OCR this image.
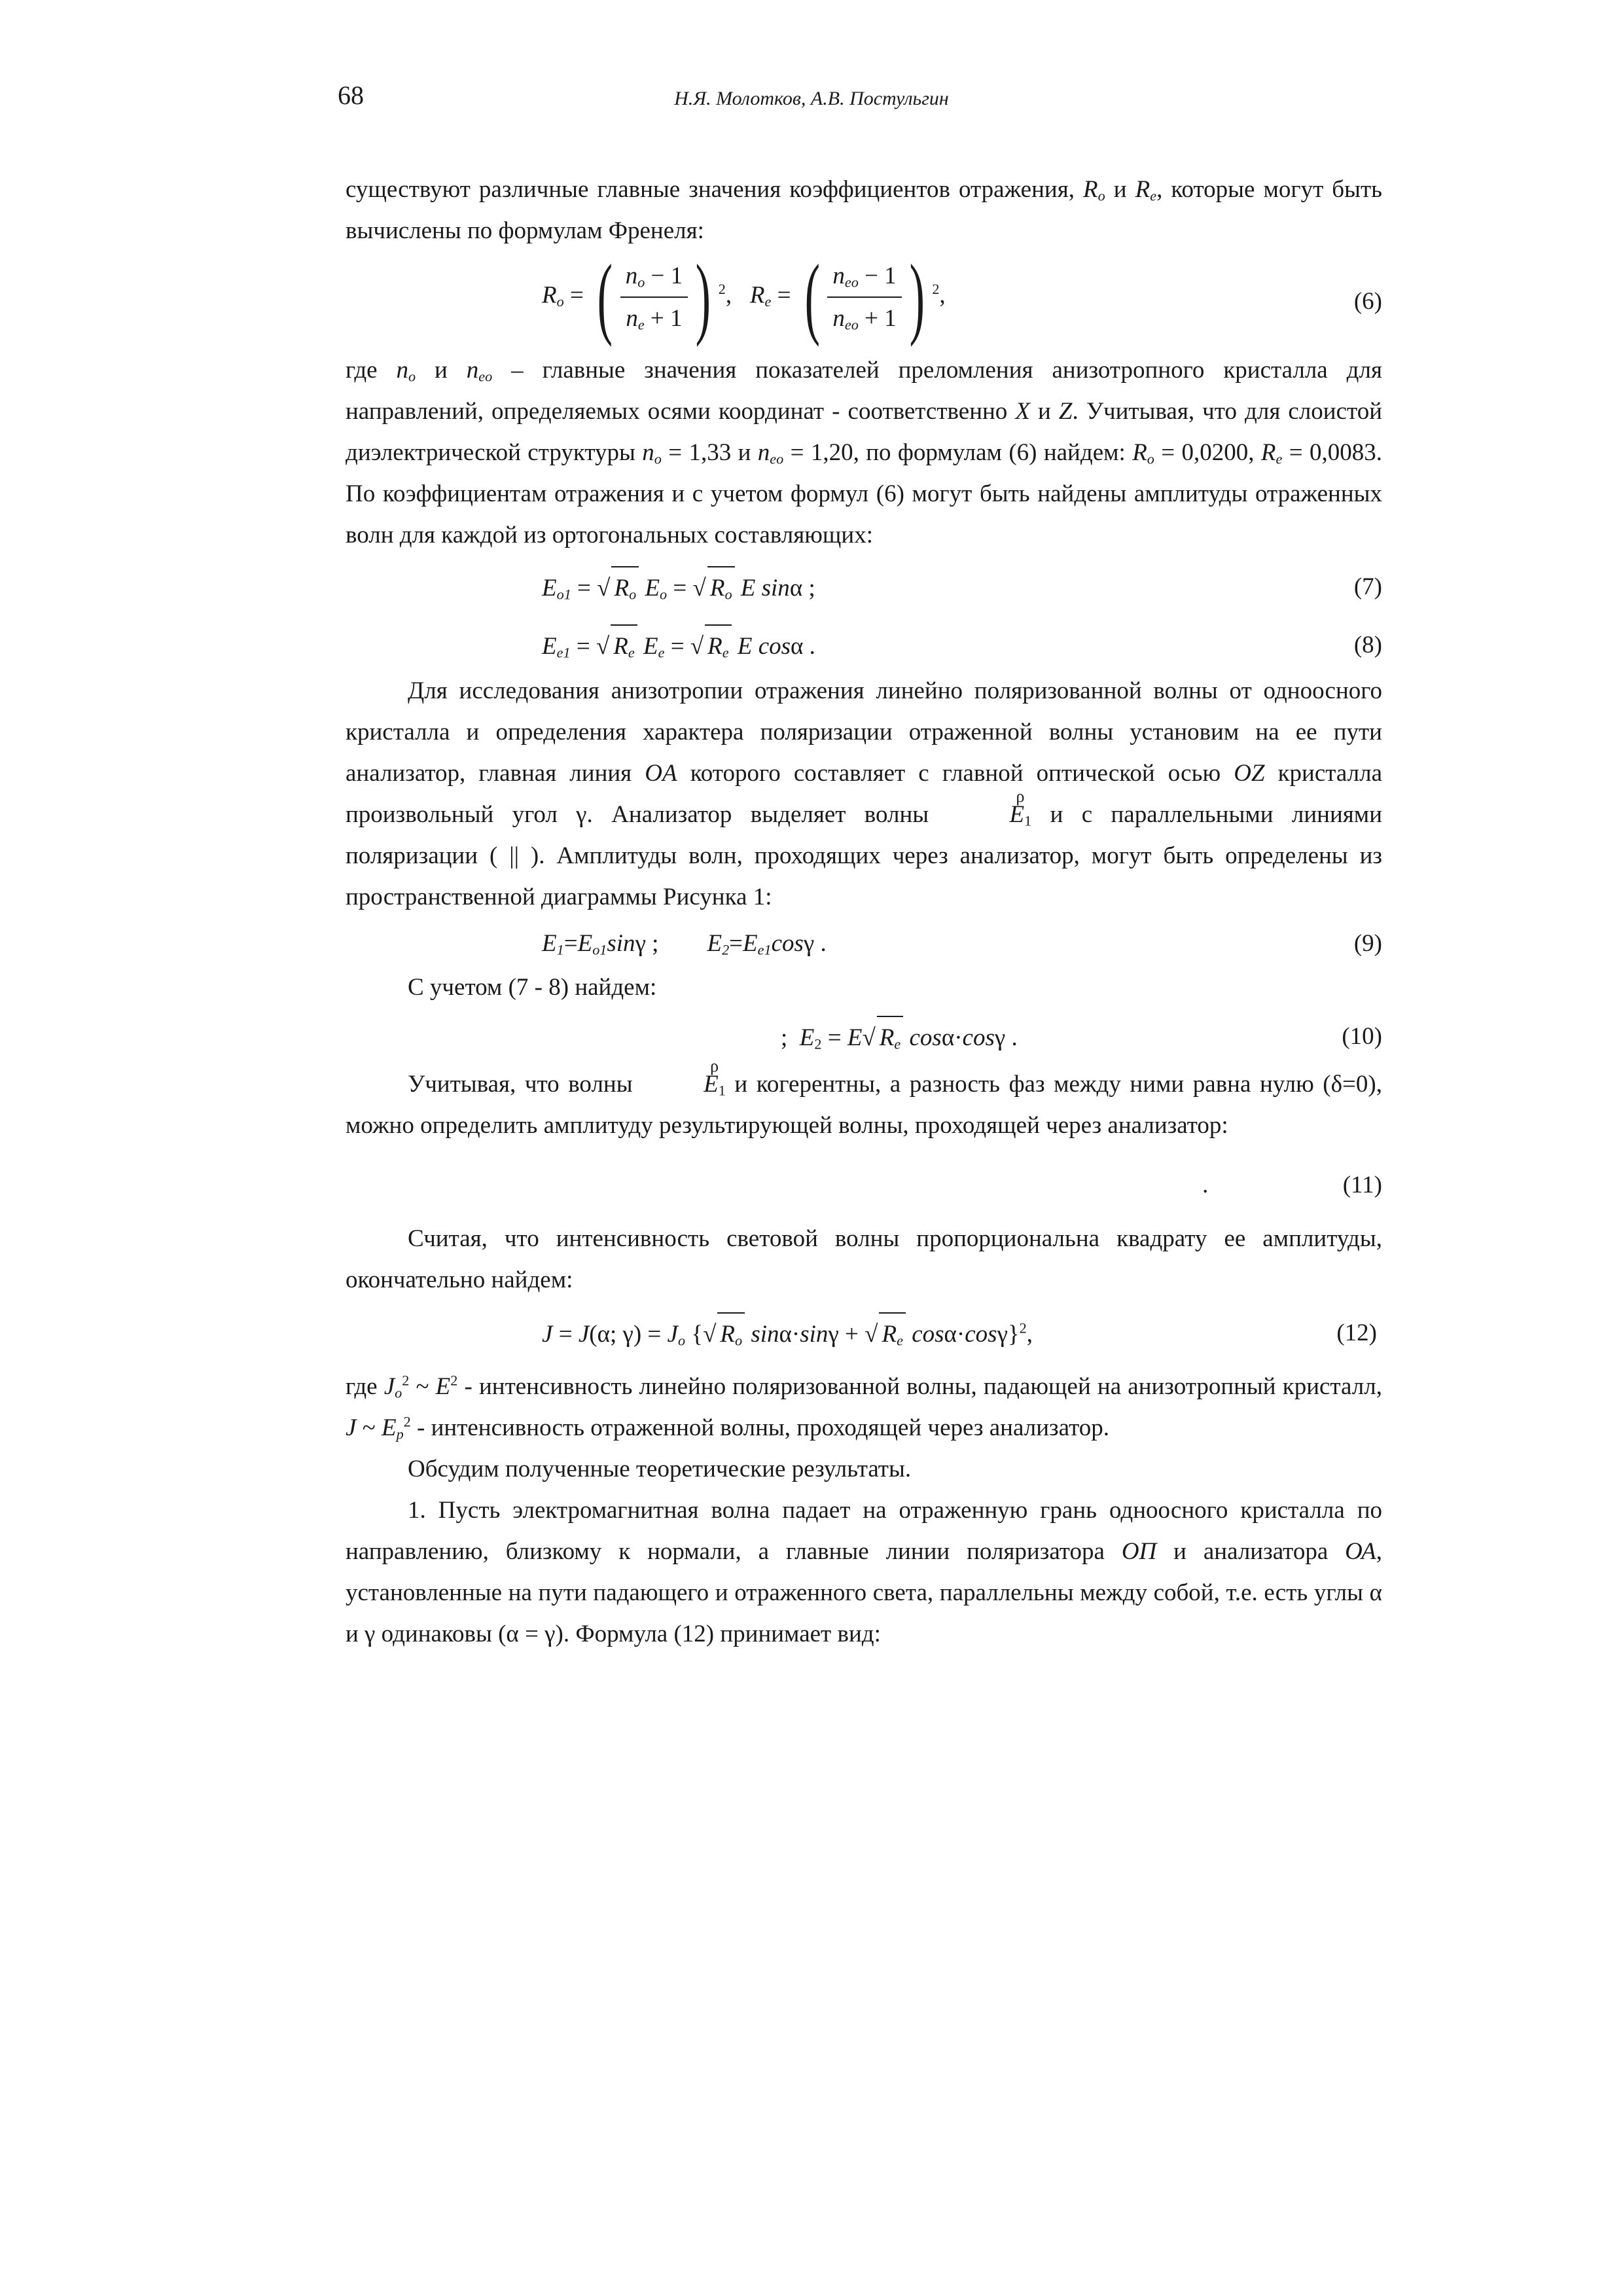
68	Н.Я. Молотков, А.В. Постульгин

существуют различные главные значения коэффициентов отражения, $R_o$ и $R_e$, которые могут быть вычислены по формулам Френеля:

$R_o$ = ( $\frac{n_o - 1}{n_e + 1}$ ) $^2$,   $R_e$ = ( $\frac{n_{eo} - 1}{n_{eo} + 1}$ ) $^2$,	(6)

где $n_o$ и $n_{eo}$ – главные значения показателей преломления анизотропного кристалла для направлений, определяемых осями координат - соответственно X и Z. Учитывая, что для слоистой диэлектрической структуры $n_o = 1,33$ и $n_{eo} = 1,20$, по формулам (6) найдем: $R_o = 0,0200$, $R_e = 0,0083$. По коэффициентам отражения и с учетом формул (6) могут быть найдены амплитуды отраженных волн для каждой из ортогональных составляющих:

$E_{o1}$ = √ $R_o$ $E_o$ = √ $R_o$ E sinα ;	(7)
$E_{e1}$ = √ $R_e$ $E_e$ = √ $R_e$ E cosα .	(8)

Для исследования анизотропии отражения линейно поляризованной волны от одноосного кристалла и определения характера поляризации отраженной волны установим на ее пути анализатор, главная линия OA которого составляет с главной оптической осью OZ кристалла произвольный угол γ. Анализатор выделяет волны	ρ $E_1$ и с параллельными линиями поляризации ( || ). Амплитуды волн, проходящих через анализатор, могут быть определены из пространственной диаграммы Рисунка 1:

$E_1=E_{o1}\sin\gamma$ ;        $E_2=E_{e1}\cos\gamma$ .	(9)

С учетом (7 - 8) найдем:

;  $E_2 = E√$ $R_e$ cosα·cosγ .	(10)

Учитывая, что волны	ρ $E_1$ и когерентны, а разность фаз между ними равна нулю (δ=0), можно определить амплитуду результирующей волны, проходящей через анализатор:

.	(11)

Считая, что интенсивность световой волны пропорциональна квадрату ее амплитуды, окончательно найдем:

J = J(α; $\gamma) = J_o$ {√ $R_o$ sinα·sinγ + √ $R_e$ cosα·cosγ}$^2$,	(12)

где $J_o^2$ ~ $E^2$ - интенсивность линейно поляризованной волны, падающей на анизотропный кристалл, J ~ $E_p^2$ - интенсивность отраженной волны, проходящей через анализатор.

Обсудим полученные теоретические результаты.

1. Пусть электромагнитная волна падает на отраженную грань одноосного кристалла по направлению, близкому к нормали, а главные линии поляризатора ОП и анализатора ОА, установленные на пути падающего и отраженного света, параллельны между собой, т.е. есть углы α и γ одинаковы (α = γ). Формула (12) принимает вид:
